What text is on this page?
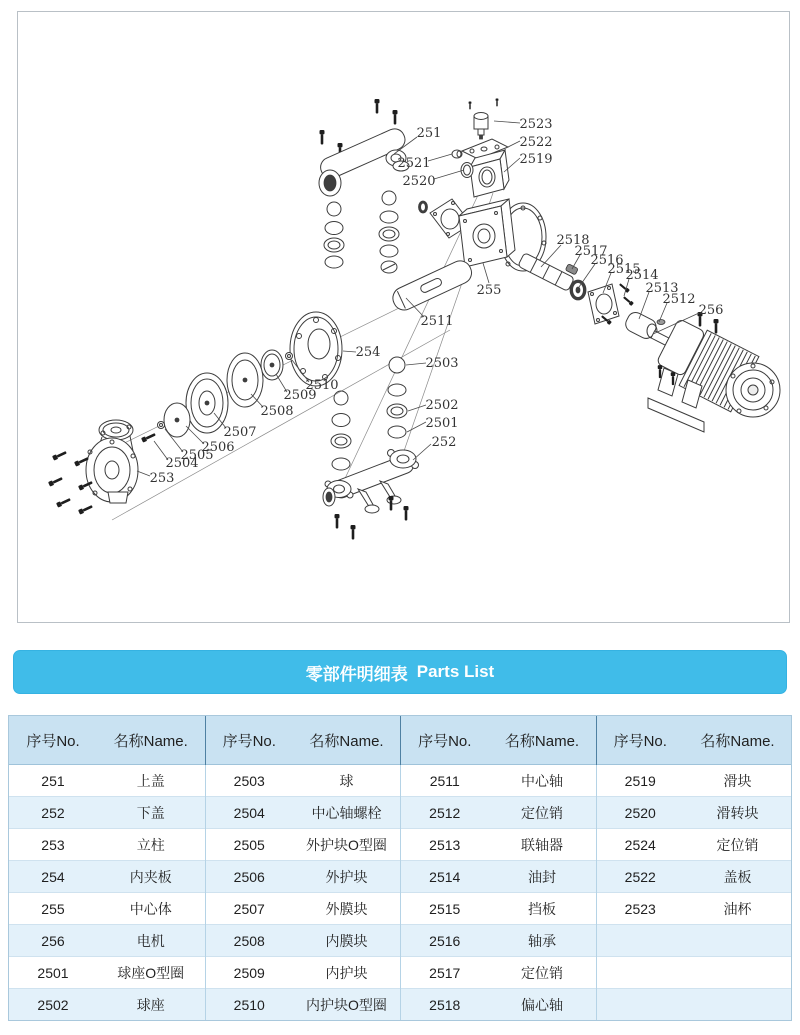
251
2523
2522
2519
2521
2520
2518
2517
2516
2515
2514
2513
2512
256
255
2511
254
2503
2510
2509
2508	2502
2507
2501
252
2506
2505
2504
253
零部件明细表 Parts List
序号No.	名称Name.
251	上盖
252	下盖
253	立柱
254	内夹板
255	中心体
256	电机
2501	球座O型圈
2502	球座
序号No.	名称Name.
2503	球
2504	中心轴螺栓
2505	外护块O型圈
2506	外护块
2507	外膜块
2508	内膜块
2509	内护块
2510	内护块O型圈
序号No.	名称Name.
2511	中心轴
2512	定位销
2513	联轴器
2514	油封
2515	挡板
2516	轴承
2517	定位销
2518	偏心轴
序号No.	名称Name.
2519	滑块
2520	滑转块
2524	定位销
2522	盖板
2523	油杯
